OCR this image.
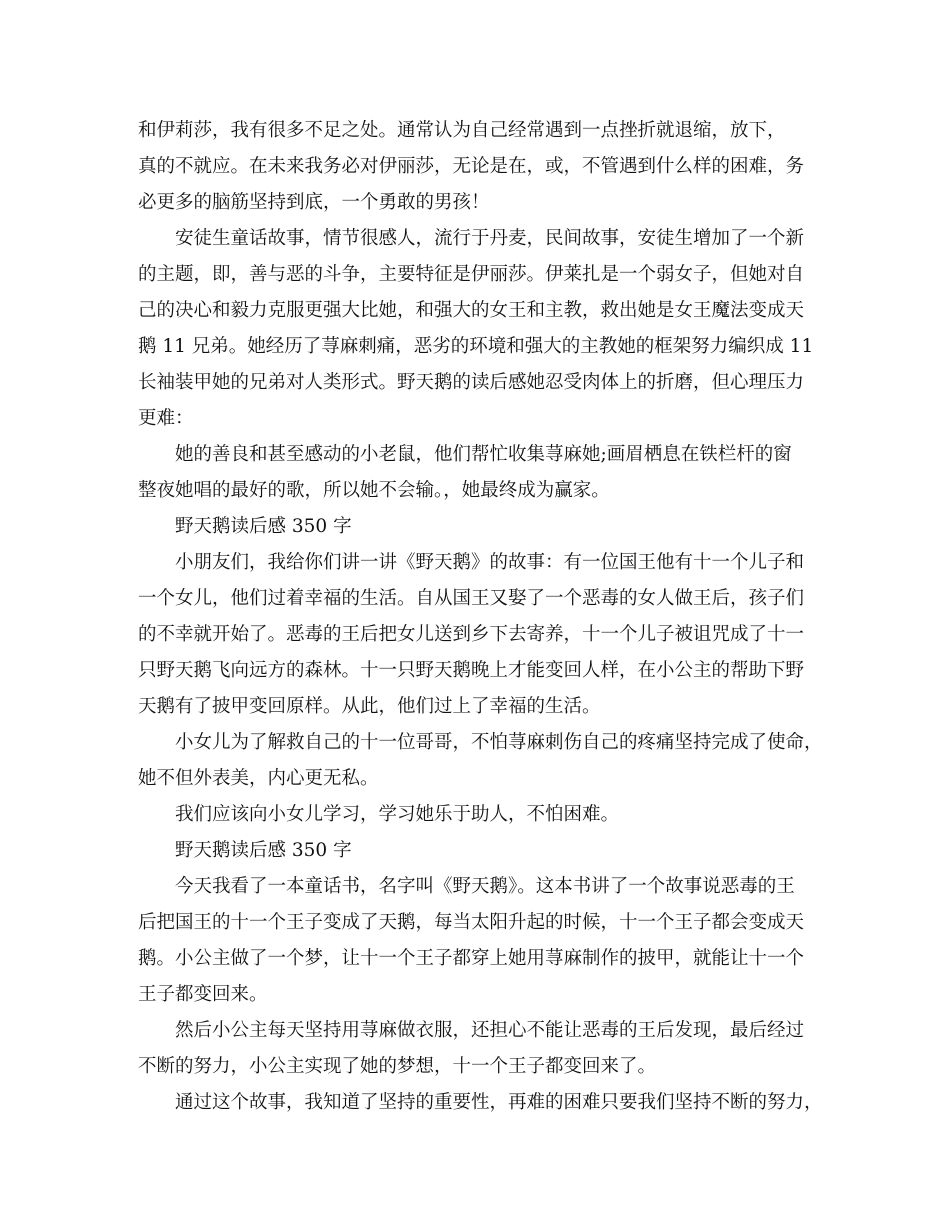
和伊莉莎，我有很多不足之处。通常认为自己经常遇到一点挫折就退缩，放下，
真的不就应。在未来我务必对伊丽莎，无论是在，或，不管遇到什么样的困难，务
必更多的脑筋坚持到底，一个勇敢的男孩！
安徒生童话故事，情节很感人，流行于丹麦，民间故事，安徒生增加了一个新
的主题，即，善与恶的斗争，主要特征是伊丽莎。伊莱扎是一个弱女子，但她对自
己的决心和毅力克服更强大比她，和强大的女王和主教，救出她是女王魔法变成天
鹅 11 兄弟。她经历了荨麻刺痛，恶劣的环境和强大的主教她的框架努力编织成 11
长袖装甲她的兄弟对人类形式。野天鹅的读后感她忍受肉体上的折磨，但心理压力
更难：
她的善良和甚至感动的小老鼠，他们帮忙收集荨麻她;画眉栖息在铁栏杆的窗
整夜她唱的最好的歌，所以她不会输。，她最终成为赢家。
野天鹅读后感 350 字
小朋友们，我给你们讲一讲《野天鹅》的故事：有一位国王他有十一个儿子和
一个女儿，他们过着幸福的生活。自从国王又娶了一个恶毒的女人做王后，孩子们
的不幸就开始了。恶毒的王后把女儿送到乡下去寄养，十一个儿子被诅咒成了十一
只野天鹅飞向远方的森林。十一只野天鹅晚上才能变回人样，在小公主的帮助下野
天鹅有了披甲变回原样。从此，他们过上了幸福的生活。
小女儿为了解救自己的十一位哥哥，不怕荨麻刺伤自己的疼痛坚持完成了使命，
她不但外表美，内心更无私。
我们应该向小女儿学习，学习她乐于助人，不怕困难。
野天鹅读后感 350 字
今天我看了一本童话书，名字叫《野天鹅》。这本书讲了一个故事说恶毒的王
后把国王的十一个王子变成了天鹅，每当太阳升起的时候，十一个王子都会变成天
鹅。小公主做了一个梦，让十一个王子都穿上她用荨麻制作的披甲，就能让十一个
王子都变回来。
然后小公主每天坚持用荨麻做衣服，还担心不能让恶毒的王后发现，最后经过
不断的努力，小公主实现了她的梦想，十一个王子都变回来了。
通过这个故事，我知道了坚持的重要性，再难的困难只要我们坚持不断的努力，
